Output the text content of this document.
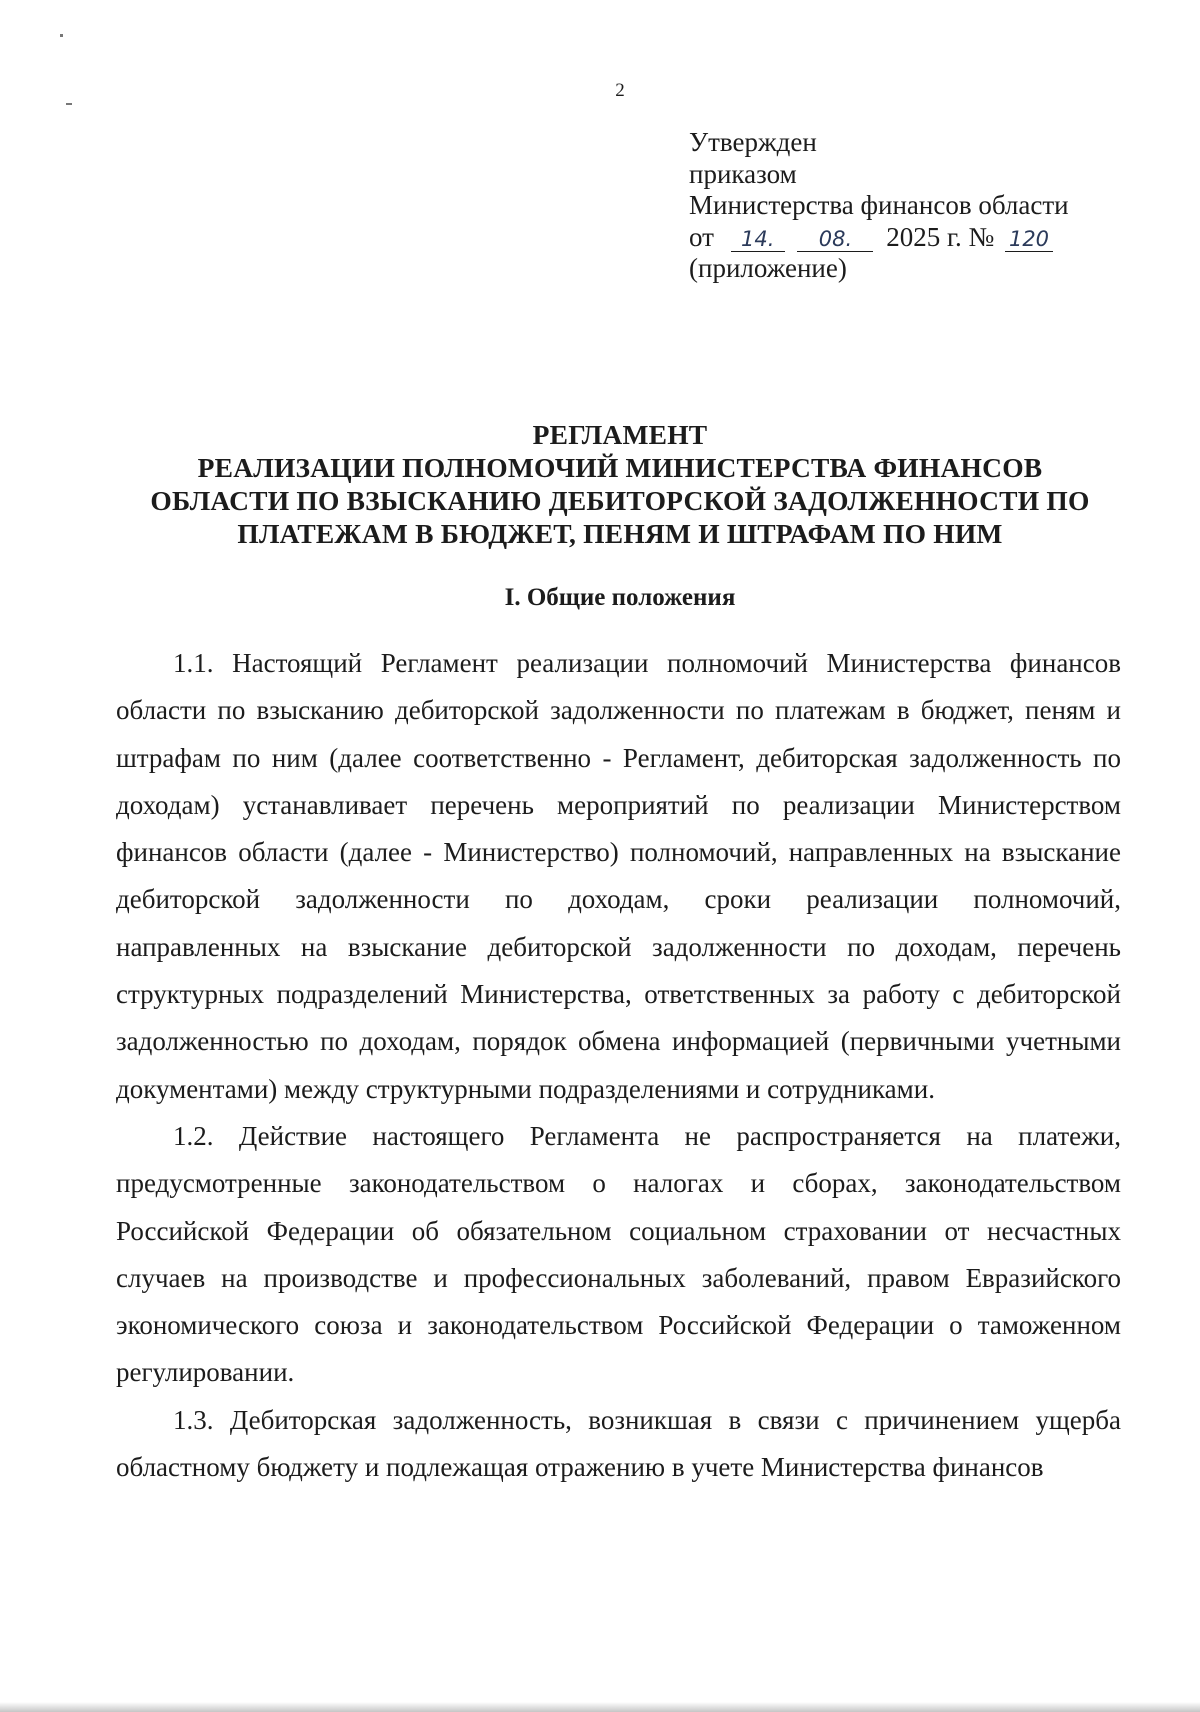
2
Утвержден
приказом
Министерства финансов области
от 14. 08. 2025 г. № 120
(приложение)
РЕГЛАМЕНТ
РЕАЛИЗАЦИИ ПОЛНОМОЧИЙ МИНИСТЕРСТВА ФИНАНСОВ
ОБЛАСТИ ПО ВЗЫСКАНИЮ ДЕБИТОРСКОЙ ЗАДОЛЖЕННОСТИ ПО
ПЛАТЕЖАМ В БЮДЖЕТ, ПЕНЯМ И ШТРАФАМ ПО НИМ
I. Общие положения

1.1. Настоящий Регламент реализации полномочий Министерства финансов области по взысканию дебиторской задолженности по платежам в бюджет, пеням и штрафам по ним (далее соответственно - Регламент, дебиторская задолженность по доходам) устанавливает перечень мероприятий по реализации Министерством финансов области (далее - Министерство) полномочий, направленных на взыскание дебиторской задолженности по доходам, сроки реализации полномочий, направленных на взыскание дебиторской задолженности по доходам, перечень структурных подразделений Министерства, ответственных за работу с дебиторской задолженностью по доходам, порядок обмена информацией (первичными учетными документами) между структурными подразделениями и сотрудниками.

1.2. Действие настоящего Регламента не распространяется на платежи, предусмотренные законодательством о налогах и сборах, законодательством Российской Федерации об обязательном социальном страховании от несчастных случаев на производстве и профессиональных заболеваний, правом Евразийского экономического союза и законодательством Российской Федерации о таможенном регулировании.

1.3. Дебиторская задолженность, возникшая в связи с причинением ущерба областному бюджету и подлежащая отражению в учете Министерства финансов
